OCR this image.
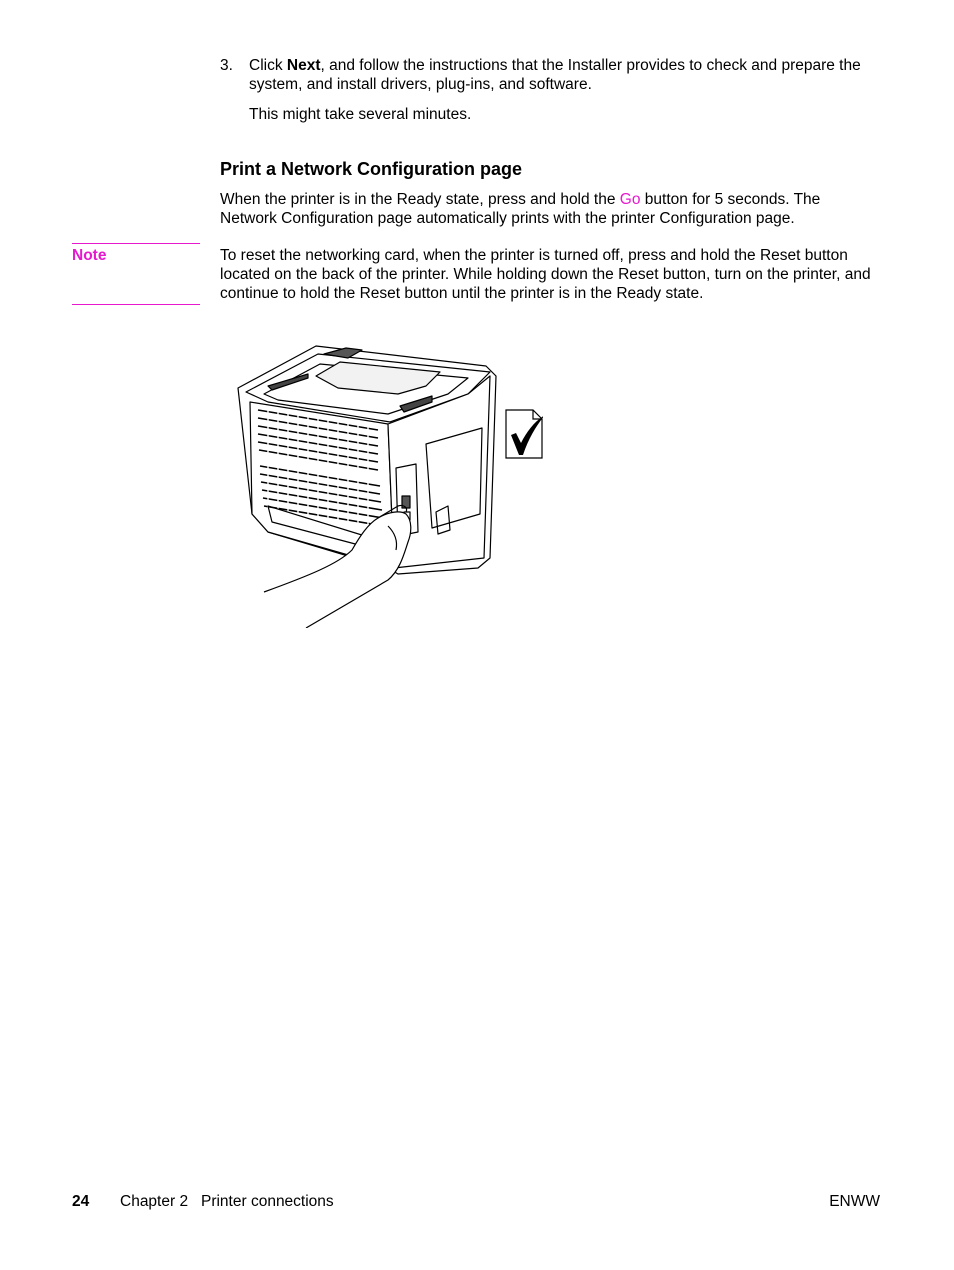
3.	Click Next, and follow the instructions that the Installer provides to check and prepare the system, and install drivers, plug-ins, and software.
This might take several minutes.
Print a Network Configuration page
When the printer is in the Ready state, press and hold the Go button for 5 seconds. The Network Configuration page automatically prints with the printer Configuration page.
Note	To reset the networking card, when the printer is turned off, press and hold the Reset button located on the back of the printer. While holding down the Reset button, turn on the printer, and continue to hold the Reset button until the printer is in the Ready state.
24 Chapter 2   Printer connections	ENWW
